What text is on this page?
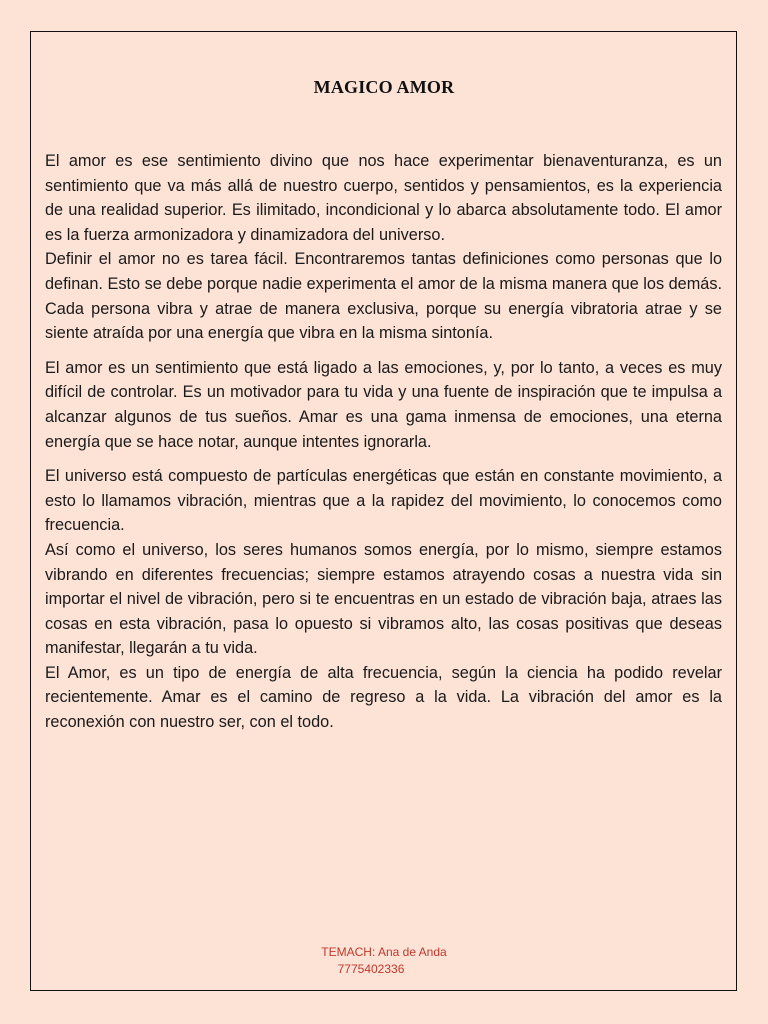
MAGICO AMOR

El amor es ese sentimiento divino que nos hace experimentar bienaventuranza, es un sentimiento que va más allá de nuestro cuerpo, sentidos y pensamientos, es la experiencia de una realidad superior. Es ilimitado, incondicional y lo abarca absolutamente todo. El amor es la fuerza armonizadora y dinamizadora del universo.

Definir el amor no es tarea fácil. Encontraremos tantas definiciones como personas que lo definan. Esto se debe porque nadie experimenta el amor de la misma manera que los demás. Cada persona vibra y atrae de manera exclusiva, porque su energía vibratoria atrae y se siente atraída por una energía que vibra en la misma sintonía.

El amor es un sentimiento que está ligado a las emociones, y, por lo tanto, a veces es muy difícil de controlar. Es un motivador para tu vida y una fuente de inspiración que te impulsa a alcanzar algunos de tus sueños. Amar es una gama inmensa de emociones, una eterna energía que se hace notar, aunque intentes ignorarla.

El universo está compuesto de partículas energéticas que están en constante movimiento, a esto lo llamamos vibración, mientras que a la rapidez del movimiento, lo conocemos como frecuencia.

Así como el universo, los seres humanos somos energía, por lo mismo, siempre estamos vibrando en diferentes frecuencias; siempre estamos atrayendo cosas a nuestra vida sin importar el nivel de vibración, pero si te encuentras en un estado de vibración baja, atraes las cosas en esta vibración, pasa lo opuesto si vibramos alto, las cosas positivas que deseas manifestar, llegarán a tu vida.

El Amor, es un tipo de energía de alta frecuencia, según la ciencia ha podido revelar recientemente. Amar es el camino de regreso a la vida. La vibración del amor es la reconexión con nuestro ser, con el todo.

TEMACH: Ana de Anda
7775402336
